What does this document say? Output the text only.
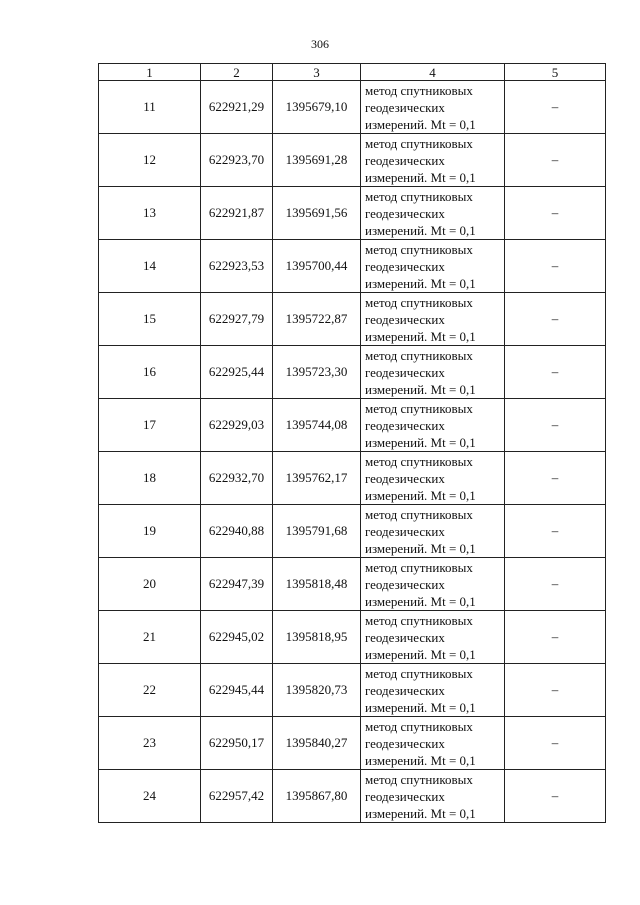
306
1	2	3	4	5
11	622921,29	1395679,10	метод спутниковых
геодезических
измерений. Mt = 0,1	–
12	622923,70	1395691,28	метод спутниковых
геодезических
измерений. Mt = 0,1	–
13	622921,87	1395691,56	метод спутниковых
геодезических
измерений. Mt = 0,1	–
14	622923,53	1395700,44	метод спутниковых
геодезических
измерений. Mt = 0,1	–
15	622927,79	1395722,87	метод спутниковых
геодезических
измерений. Mt = 0,1	–
16	622925,44	1395723,30	метод спутниковых
геодезических
измерений. Mt = 0,1	–
17	622929,03	1395744,08	метод спутниковых
геодезических
измерений. Mt = 0,1	–
18	622932,70	1395762,17	метод спутниковых
геодезических
измерений. Mt = 0,1	–
19	622940,88	1395791,68	метод спутниковых
геодезических
измерений. Mt = 0,1	–
20	622947,39	1395818,48	метод спутниковых
геодезических
измерений. Mt = 0,1	–
21	622945,02	1395818,95	метод спутниковых
геодезических
измерений. Mt = 0,1	–
22	622945,44	1395820,73	метод спутниковых
геодезических
измерений. Mt = 0,1	–
23	622950,17	1395840,27	метод спутниковых
геодезических
измерений. Mt = 0,1	–
24	622957,42	1395867,80	метод спутниковых
геодезических
измерений. Mt = 0,1	–
